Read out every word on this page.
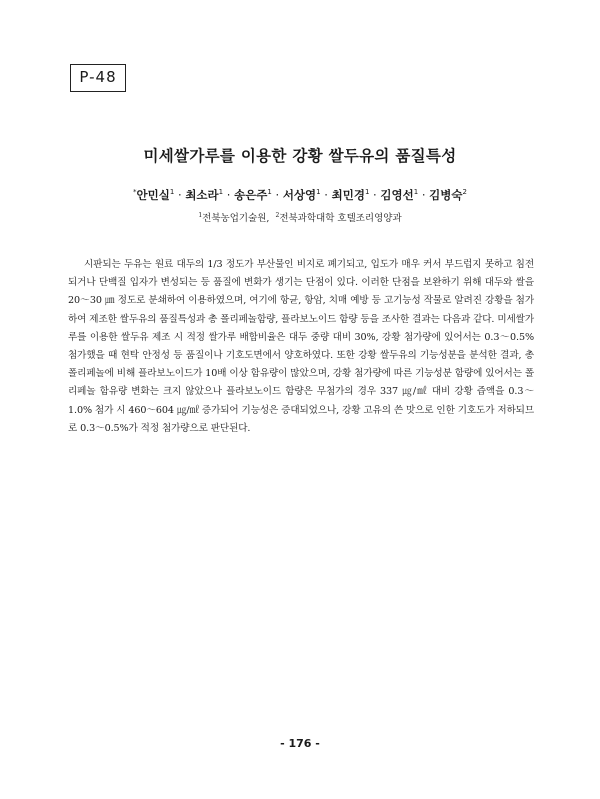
P-48
미세쌀가루를 이용한 강황 쌀두유의 품질특성
*안민실$^1$ · 최소라$^1$ · 송은주$^1$ · 서상영$^1$ · 최민경$^1$ · 김영선$^1$ · 김병숙$^2$
$^1$전북농업기술원, $^2$전북과학대학 호텔조리영양과
시판되는 두유는 원료 대두의 1/3 정도가 부산물인 비지로 폐기되고, 입도가 매우 커서 부드럽지 못하고 침전되거나 단백질 입자가 변성되는 등 품질에 변화가 생기는 단점이 있다. 이러한 단점을 보완하기 위해 대두와 쌀을 20～30 ㎛ 정도로 분쇄하여 이용하였으며, 여기에 항균, 항암, 치매 예방 등 고기능성 작물로 알려진 강황을 첨가하여 제조한 쌀두유의 품질특성과 총 폴리페놀함량, 플라보노이드 함량 등을 조사한 결과는 다음과 같다. 미세쌀가루를 이용한 쌀두유 제조 시 적정 쌀가루 배합비율은 대두 중량 대비 30%, 강황 첨가량에 있어서는 0.3～0.5% 첨가했을 때 현탁 안정성 등 품질이나 기호도면에서 양호하였다. 또한 강황 쌀두유의 기능성분을 분석한 결과, 총 폴리페놀에 비해 플라보노이드가 10배 이상 함유량이 많았으며, 강황 첨가량에 따른 기능성분 함량에 있어서는 폴리페놀 함유량 변화는 크지 않았으나 플라보노이드 함량은 무첨가의 경우 337 ㎍/㎖ 대비 강황 즙액을 0.3～1.0% 첨가 시 460～604 ㎍/㎖ 증가되어 기능성은 증대되었으나, 강황 고유의 쓴 맛으로 인한 기호도가 저하되므로 0.3～0.5%가 적정 첨가량으로 판단된다.
- 176 -
